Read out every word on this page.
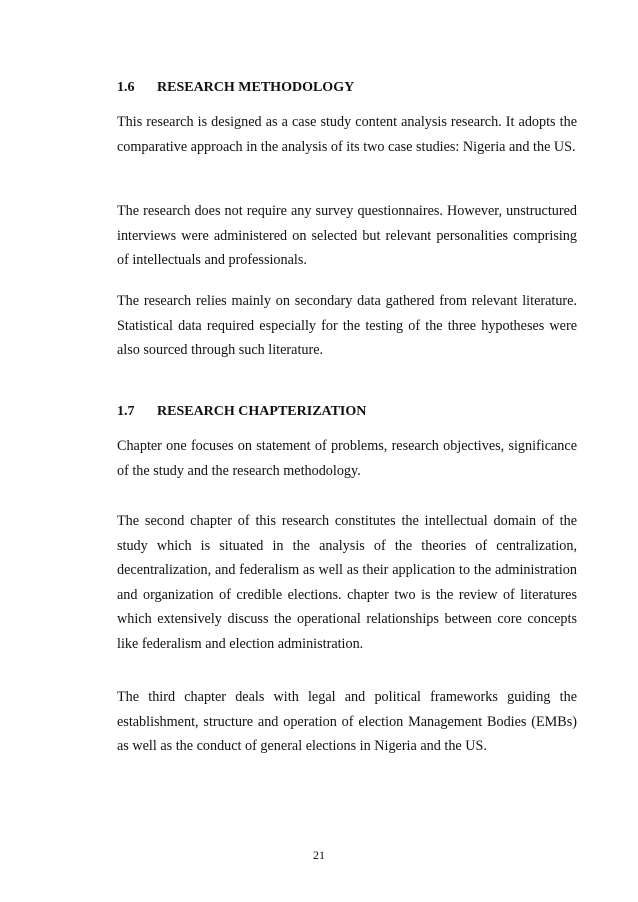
1.6 RESEARCH METHODOLOGY

This research is designed as a case study content analysis research. It adopts the comparative approach in the analysis of its two case studies: Nigeria and the US.

The research does not require any survey questionnaires. However, unstructured interviews were administered on selected but relevant personalities comprising of intellectuals and professionals.

The research relies mainly on secondary data gathered from relevant literature. Statistical data required especially for the testing of the three hypotheses were also sourced through such literature.

1.7 RESEARCH CHAPTERIZATION

Chapter one focuses on statement of problems, research objectives, significance of the study and the research methodology.

The second chapter of this research constitutes the intellectual domain of the study which is situated in the analysis of the theories of centralization, decentralization, and federalism as well as their application to the administration and organization of credible elections. chapter two is the review of literatures which extensively discuss the operational relationships between core concepts like federalism and election administration.

The third chapter deals with legal and political frameworks guiding the establishment, structure and operation of election Management Bodies (EMBs) as well as the conduct of general elections in Nigeria and the US.

21
